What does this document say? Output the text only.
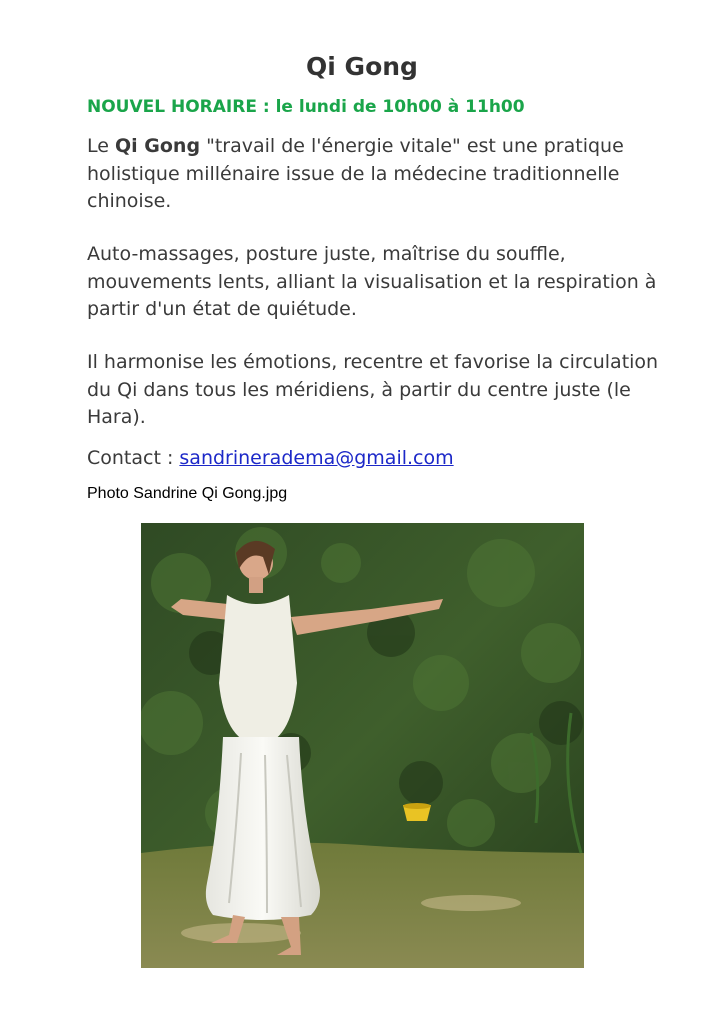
Qi Gong

NOUVEL HORAIRE : le lundi de 10h00 à 11h00

Le Qi Gong "travail de l'énergie vitale" est une pratique holistique millénaire issue de la médecine traditionnelle chinoise.

Auto-massages, posture juste, maîtrise du souffle, mouvements lents, alliant la visualisation et la respiration à partir d'un état de quiétude.

Il harmonise les émotions, recentre et favorise la circulation du Qi dans tous les méridiens, à partir du centre juste (le Hara).

Contact : sandrineradema@gmail.com

Photo Sandrine Qi Gong.jpg
